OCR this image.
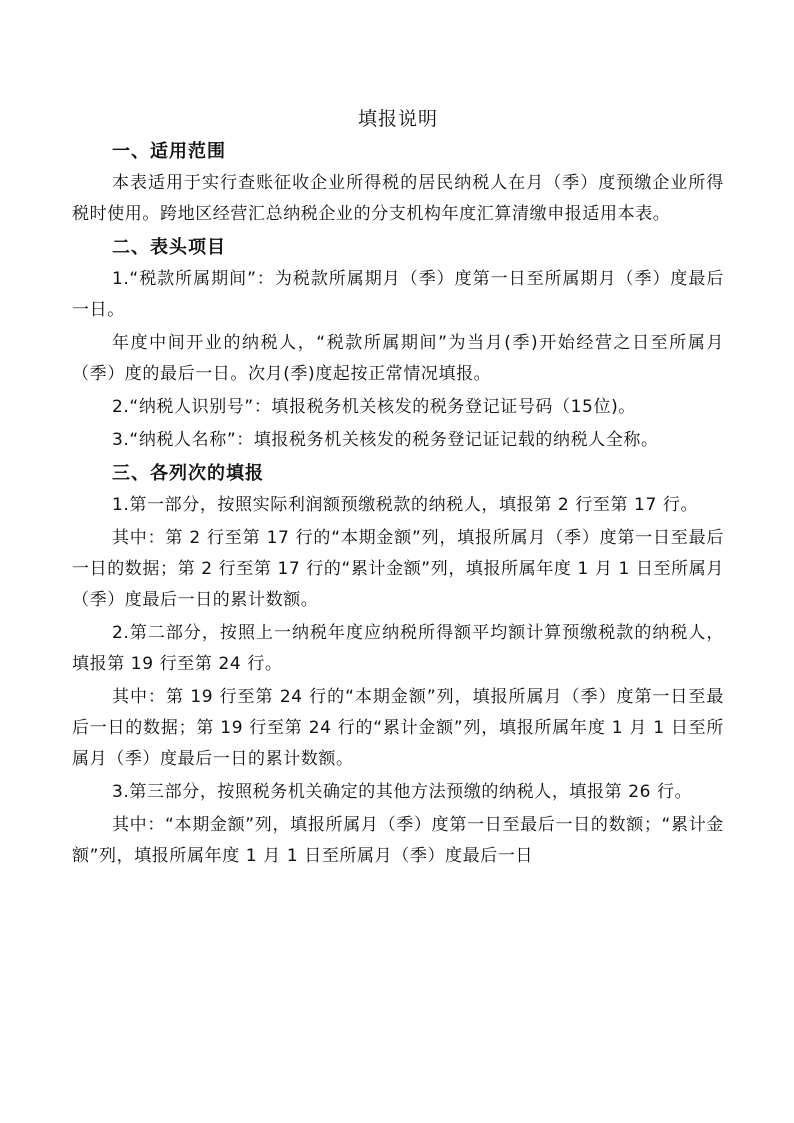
填报说明
一、适用范围

本表适用于实行查账征收企业所得税的居民纳税人在月（季）度预缴企业所得税时使用。跨地区经营汇总纳税企业的分支机构年度汇算清缴申报适用本表。

二、表头项目

1.“税款所属期间”：为税款所属期月（季）度第一日至所属期月（季）度最后一日。

年度中间开业的纳税人，“税款所属期间”为当月(季)开始经营之日至所属月（季）度的最后一日。次月(季)度起按正常情况填报。

2.“纳税人识别号”：填报税务机关核发的税务登记证号码（15位)。

3.“纳税人名称”：填报税务机关核发的税务登记证记载的纳税人全称。

三、各列次的填报

1.第一部分，按照实际利润额预缴税款的纳税人，填报第 2 行至第 17 行。

其中：第 2 行至第 17 行的“本期金额”列，填报所属月（季）度第一日至最后一日的数据；第 2 行至第 17 行的“累计金额”列，填报所属年度 1 月 1 日至所属月（季）度最后一日的累计数额。

2.第二部分，按照上一纳税年度应纳税所得额平均额计算预缴税款的纳税人，填报第 19 行至第 24 行。

其中：第 19 行至第 24 行的“本期金额”列，填报所属月（季）度第一日至最后一日的数据；第 19 行至第 24 行的“累计金额”列，填报所属年度 1 月 1 日至所属月（季）度最后一日的累计数额。

3.第三部分，按照税务机关确定的其他方法预缴的纳税人，填报第 26 行。

其中：“本期金额”列，填报所属月（季）度第一日至最后一日的数额；“累计金额”列，填报所属年度 1 月 1 日至所属月（季）度最后一日
